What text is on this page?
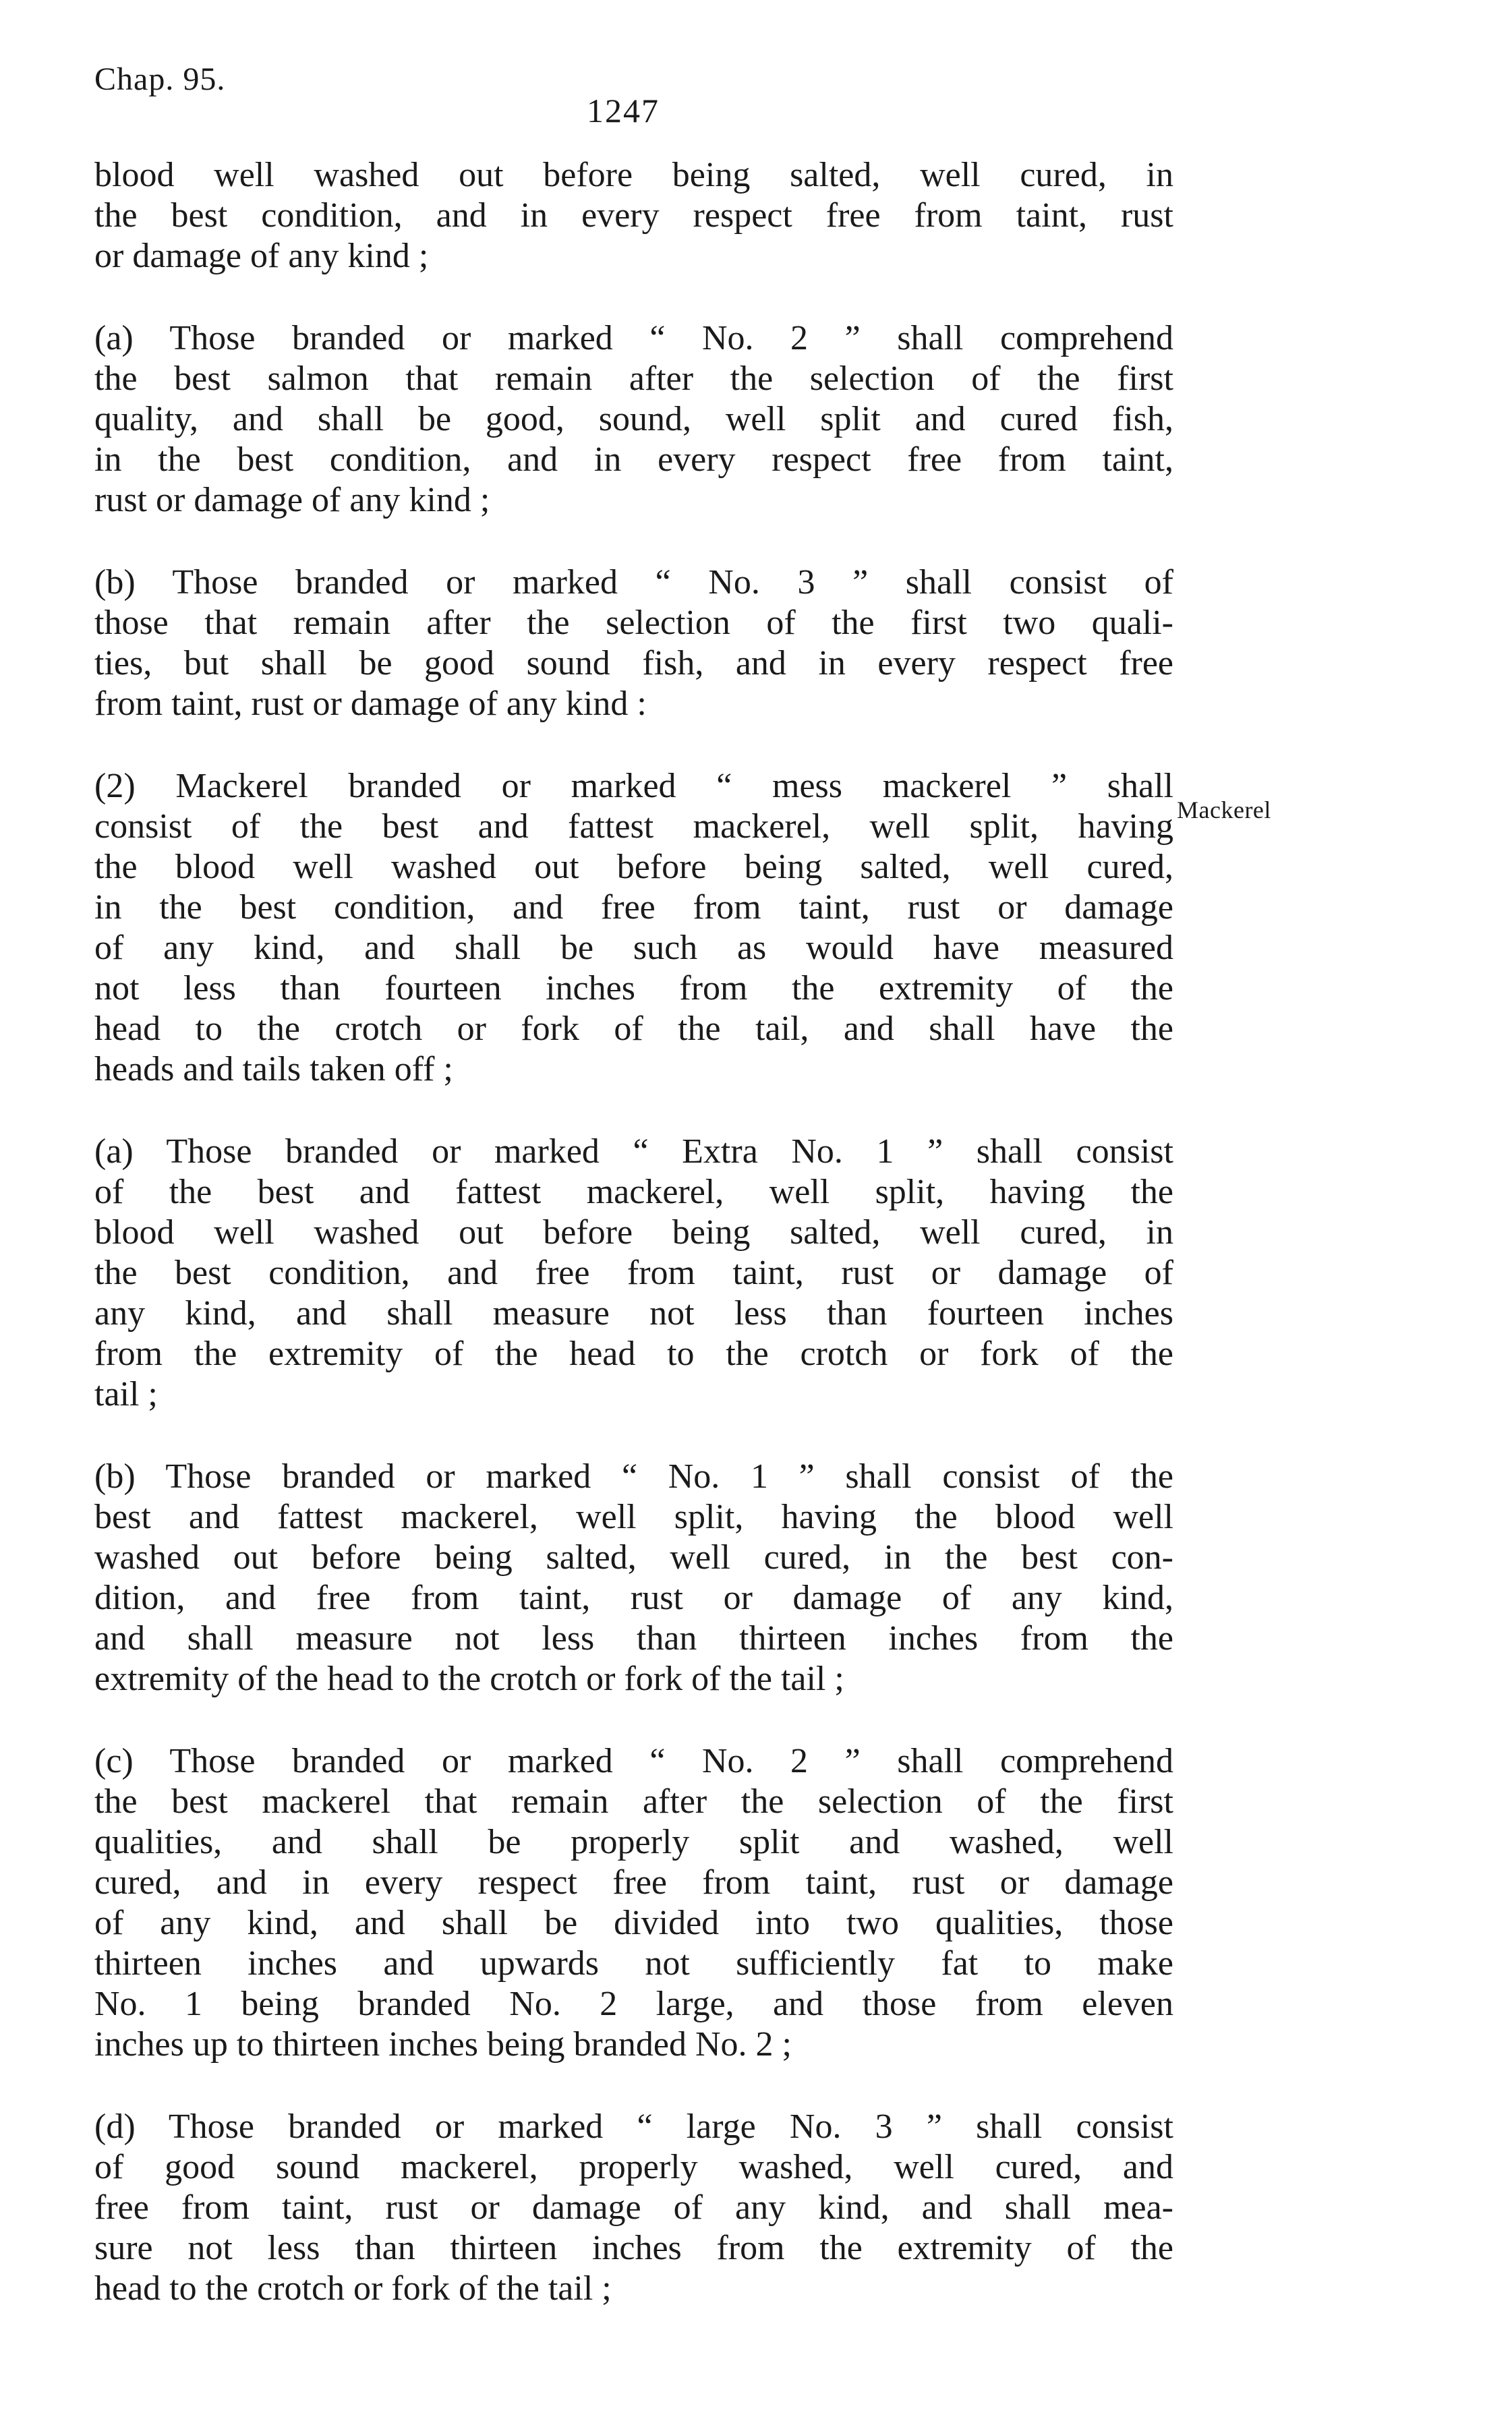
Chap. 95.
1247
blood well washed out before being salted, well cured, in
the best condition, and in every respect free from taint, rust
or damage of any kind ;
(a) Those branded or marked “ No. 2 ” shall comprehend
the best salmon that remain after the selection of the first
quality, and shall be good, sound, well split and cured fish,
in the best condition, and in every respect free from taint,
rust or damage of any kind ;
(b) Those branded or marked “ No. 3 ” shall consist of
those that remain after the selection of the first two quali-
ties, but shall be good sound fish, and in every respect free
from taint, rust or damage of any kind :
(2) Mackerel branded or marked “ mess mackerel ” shall
consist of the best and fattest mackerel, well split, having
the blood well washed out before being salted, well cured,
in the best condition, and free from taint, rust or damage
of any kind, and shall be such as would have measured
not less than fourteen inches from the extremity of the
head to the crotch or fork of the tail, and shall have the
heads and tails taken off ;
(a) Those branded or marked “ Extra No. 1 ” shall consist
of the best and fattest mackerel, well split, having the
blood well washed out before being salted, well cured, in
the best condition, and free from taint, rust or damage of
any kind, and shall measure not less than fourteen inches
from the extremity of the head to the crotch or fork of the
tail ;
(b) Those branded or marked “ No. 1 ” shall consist of the
best and fattest mackerel, well split, having the blood well
washed out before being salted, well cured, in the best con-
dition, and free from taint, rust or damage of any kind,
and shall measure not less than thirteen inches from the
extremity of the head to the crotch or fork of the tail ;
(c) Those branded or marked “ No. 2 ” shall comprehend
the best mackerel that remain after the selection of the first
qualities, and shall be properly split and washed, well
cured, and in every respect free from taint, rust or damage
of any kind, and shall be divided into two qualities, those
thirteen inches and upwards not sufficiently fat to make
No. 1 being branded No. 2 large, and those from eleven
inches up to thirteen inches being branded No. 2 ;
(d) Those branded or marked “ large No. 3 ” shall consist
of good sound mackerel, properly washed, well cured, and
free from taint, rust or damage of any kind, and shall mea-
sure not less than thirteen inches from the extremity of the
head to the crotch or fork of the tail ;
Mackerel
